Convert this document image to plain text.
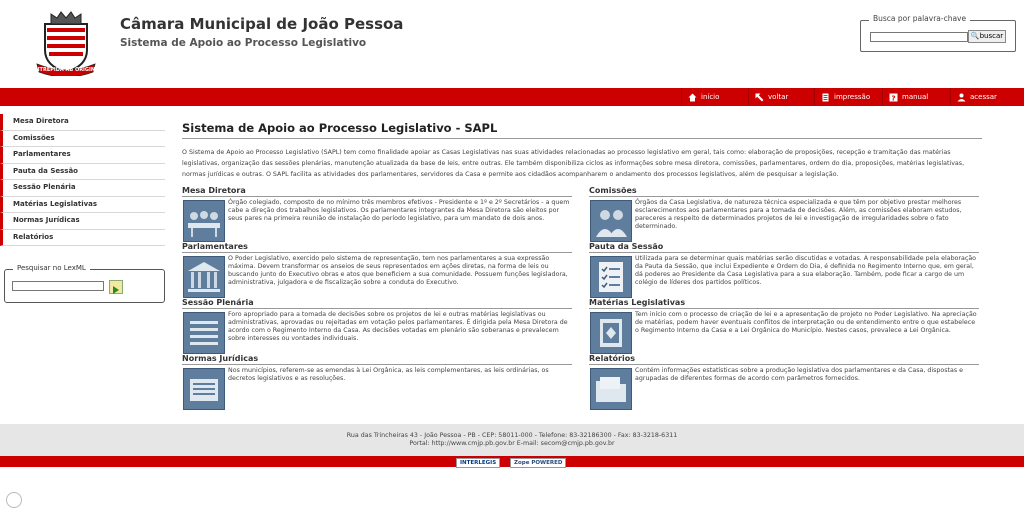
INTREPIDA AB ORIGINE
Câmara Municipal de João Pessoa
Sistema de Apoio ao Processo Legislativo
Busca por palavra-chave
🔍buscar
início	voltar	impressão	? manual	acessar
Mesa Diretora
Comissões
Parlamentares
Pauta da Sessão
Sessão Plenária
Matérias Legislativas
Normas Jurídicas
Relatórios
Pesquisar no LexML
Sistema de Apoio ao Processo Legislativo - SAPL
O Sistema de Apoio ao Processo Legislativo (SAPL) tem como finalidade apoiar as Casas Legislativas nas suas atividades relacionadas ao processo legislativo em geral, tais como: elaboração de proposições, recepção e tramitação das matérias legislativas, organização das sessões plenárias, manutenção atualizada da base de leis, entre outras. Ele também disponibiliza ciclos as informações sobre mesa diretora, comissões, parlamentares, ordem do dia, proposições, matérias legislativas, normas jurídicas e outras. O SAPL facilita as atividades dos parlamentares, servidores da Casa e permite aos cidadãos acompanharem o andamento dos processos legislativos, além de pesquisar a legislação.
Mesa Diretora
Órgão colegiado, composto de no mínimo três membros efetivos - Presidente e 1º e 2º Secretários - a quem cabe a direção dos trabalhos legislativos. Os parlamentares integrantes da Mesa Diretora são eleitos por seus pares na primeira reunião de instalação do período legislativo, para um mandato de dois anos.
Comissões
Órgãos da Casa Legislativa, de natureza técnica especializada e que têm por objetivo prestar melhores esclarecimentos aos parlamentares para a tomada de decisões. Além, as comissões elaboram estudos, pareceres a respeito de determinados projetos de lei e investigação de irregularidades sobre o fato determinado.
Parlamentares
O Poder Legislativo, exercido pelo sistema de representação, tem nos parlamentares a sua expressão máxima. Devem transformar os anseios de seus representados em ações diretas, na forma de leis ou buscando junto do Executivo obras e atos que beneficiem a sua comunidade. Possuem funções legisladora, administrativa, julgadora e de fiscalização sobre a conduta do Executivo.
Pauta da Sessão
Utilizada para se determinar quais matérias serão discutidas e votadas. A responsabilidade pela elaboração da Pauta da Sessão, que inclui Expediente e Ordem do Dia, é definida no Regimento Interno que, em geral, dá poderes ao Presidente da Casa Legislativa para a sua elaboração. Também, pode ficar a cargo de um colégio de líderes dos partidos políticos.
Sessão Plenária
Foro apropriado para a tomada de decisões sobre os projetos de lei e outras matérias legislativas ou administrativas, aprovadas ou rejeitadas em votação pelos parlamentares. É dirigida pela Mesa Diretora de acordo com o Regimento Interno da Casa. As decisões votadas em plenário são soberanas e prevalecem sobre interesses ou vontades individuais.
Matérias Legislativas
Tem início com o processo de criação de lei e a apresentação de projeto no Poder Legislativo. Na apreciação de matérias, podem haver eventuais conflitos de interpretação ou de entendimento entre o que estabelece o Regimento Interno da Casa e a Lei Orgânica do Município. Nestes casos, prevalece a Lei Orgânica.
Normas Jurídicas
Nos municípios, referem-se as emendas à Lei Orgânica, as leis complementares, as leis ordinárias, os decretos legislativos e as resoluções.
Relatórios
Contém informações estatísticas sobre a produção legislativa dos parlamentares e da Casa, dispostas e agrupadas de diferentes formas de acordo com parâmetros fornecidos.
Rua das Trincheiras 43 - João Pessoa - PB - CEP: 58011-000 - Telefone: 83-32186300 - Fax: 83-3218-6311
Portal: http://www.cmjp.pb.gov.br E-mail: secom@cmjp.pb.gov.br
INTERLEGIS	Zope POWERED
